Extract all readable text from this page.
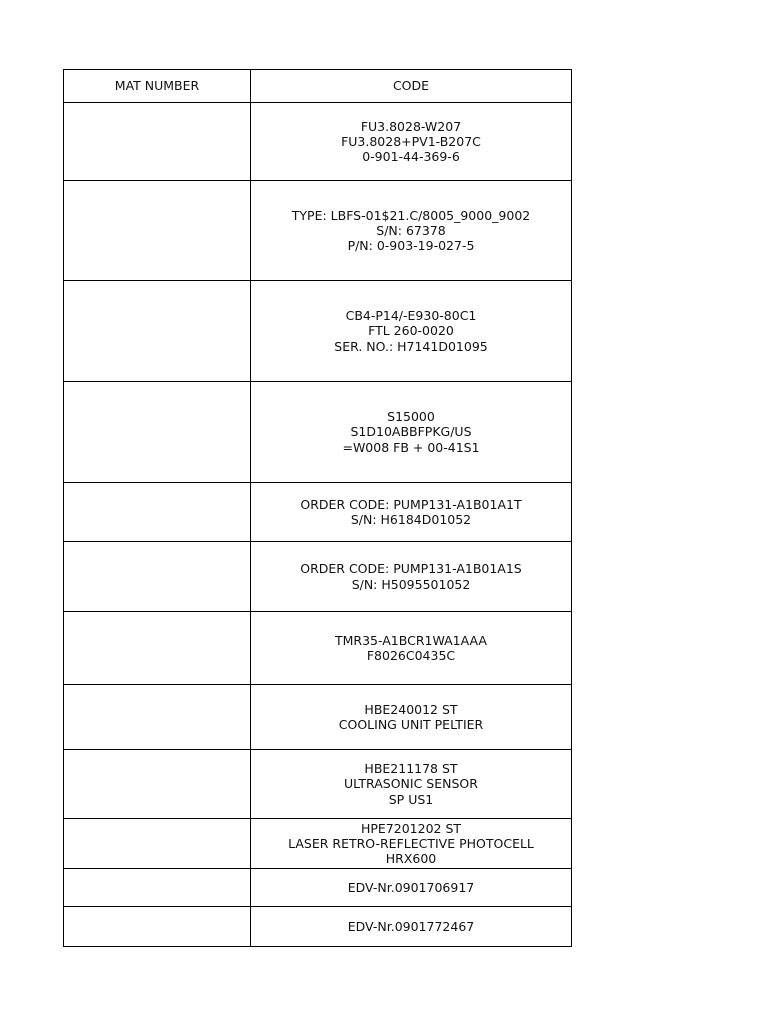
MAT NUMBER	CODE

	FU3.8028-W207
FU3.8028+PV1-B207C
0-901-44-369-6

	TYPE: LBFS-01$21.C/8005_9000_9002
S/N: 67378
P/N: 0-903-19-027-5

	CB4-P14/-E930-80C1
FTL 260-0020
SER. NO.: H7141D01095

	S15000
S1D10ABBFPKG/US
=W008 FB + 00-41S1

	ORDER CODE: PUMP131-A1B01A1T
S/N: H6184D01052

	ORDER CODE: PUMP131-A1B01A1S
S/N: H5095501052

	TMR35-A1BCR1WA1AAA
F8026C0435C

	HBE240012 ST
COOLING UNIT PELTIER

	HBE211178 ST
ULTRASONIC SENSOR
SP US1

	HPE7201202 ST
LASER RETRO-REFLECTIVE PHOTOCELL
HRX600

	EDV-Nr.0901706917

	EDV-Nr.0901772467
